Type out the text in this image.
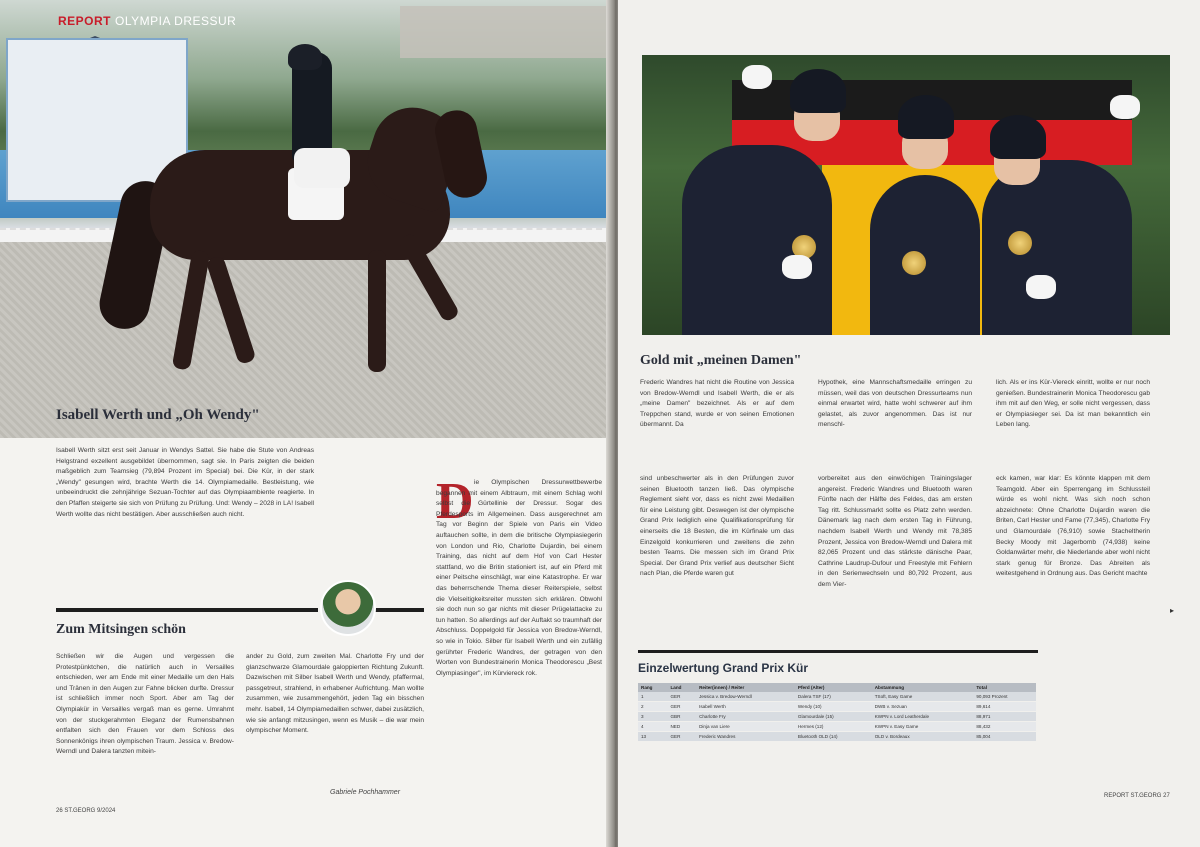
REPORT OLYMPIA DRESSUR
Isabell Werth und „Oh Wendy"

Isabell Werth sitzt erst seit Januar in Wendys Sattel. Sie habe die Stute von Andreas Helgstrand exzellent ausgebildet übernommen, sagt sie. In Paris zeigten die beiden maßgeblich zum Teamsieg (79,894 Prozent im Special) bei. Die Kür, in der stark „Wendy" gesungen wird, brachte Werth die 14. Olympiamedaille. Bestleistung, wie unbeeindruckt die zehnjährige Sezuan-Tochter auf das Olympiaambiente reagierte. In den Pfaffen steigerte sie sich von Prüfung zu Prüfung. Und: Wendy – 2028 in LA! Isabell Werth wollte das nicht bestätigen. Aber ausschließen auch nicht.

Zum Mitsingen schön

Schließen wir die Augen und vergessen die Protestpünktchen, die natürlich auch in Versailles entschieden, wer am Ende mit einer Medaille um den Hals und Tränen in den Augen zur Fahne blicken durfte. Dressur ist schließlich immer noch Sport. Aber am Tag der Olympiakür in Versailles vergaß man es gerne. Umrahmt von der stuckgerahmten Eleganz der Rumensbahnen entfalten sich den Frauen vor dem Schloss des Sonnenkönigs ihren olympischen Traum. Jessica v. Bredow-Werndl und Dalera tanzten mitein-

ander zu Gold, zum zweiten Mal. Charlotte Fry und der glanzschwarze Glamourdale galoppierten Richtung Zukunft. Dazwischen mit Silber Isabell Werth und Wendy, pfaffermal, passgetreut, strahlend, in erhabener Aufrichtung. Man wollte zusammen, wie zusammengehört, jeden Tag ein bisschen mehr. Isabell, 14 Olympiamedaillen schwer, dabei zusätzlich, wie sie anfangt mitzusingen, wenn es Musik – die war mein olympischer Moment.

Gabriele Pochhammer
D ie Olympischen Dressurwettbewerbe begannen mit einem Albtraum, mit einem Schlag wohl selbst die Gürtellinie der Dressur. Sogar des Pferdesports im Allgemeinen. Dass ausgerechnet am Tag vor Beginn der Spiele von Paris ein Video auftauchen sollte, in dem die britische Olympiasiegerin von London und Rio, Charlotte Dujardin, bei einem Training, das nicht auf dem Hof von Carl Hester stattfand, wo die Britin stationiert ist, auf ein Pferd mit einer Peitsche einschlägt, war eine Katastrophe. Er war das beherrschende Thema dieser Reiterspiele, selbst die Vielseitigkeitsreiter mussten sich erklären. Obwohl sie doch nun so gar nichts mit dieser Prügelattacke zu tun hatten. So allerdings auf der Auftakt so traumhaft der Abschluss. Doppelgold für Jessica von Bredow-Werndl, so wie in Tokio. Silber für Isabell Werth und ein zufällig gerührter Frederic Wandres, der getragen von den Worten von Bundestrainerin Monica Theodorescu „Best Olympiasinger", im Kürviereck rok.

26 ST.GEORG 9/2024
Gold mit „meinen Damen"

Frederic Wandres hat nicht die Routine von Jessica von Bredow-Werndl und Isabell Werth, die er als „meine Damen" bezeichnet. Als er auf dem Treppchen stand, wurde er von seinen Emotionen übermannt. Da

Hypothek, eine Mannschaftsmedaille erringen zu müssen, weil das von deutschen Dressurteams nun einmal erwartet wird, hatte wohl schwerer auf ihm gelastet, als zuvor angenommen. Das ist nur menschl-

lich. Als er ins Kür-Viereck einritt, wollte er nur noch genießen. Bundestrainerin Monica Theodorescu gab ihm mit auf den Weg, er solle nicht vergessen, dass er Olympiasieger sei. Da ist man bekanntlich ein Leben lang.

sind unbeschwerter als in den Prüfungen zuvor seinen Bluetooth tanzen ließ. Das olympische Reglement sieht vor, dass es nicht zwei Medaillen für eine Leistung gibt. Deswegen ist der olympische Grand Prix lediglich eine Qualifikationsprüfung für einerseits die 18 Besten, die im Kürfinale um das Einzelgold konkurrieren und zweitens die zehn besten Teams. Die messen sich im Grand Prix Special. Der Grand Prix verlief aus deutscher Sicht nach Plan, die Pferde waren gut

vorbereitet aus den einwöchigen Trainingslager angereist. Frederic Wandres und Bluetooth waren Fünfte nach der Hälfte des Feldes, das am ersten Tag ritt. Schlussmarkt sollte es Platz zehn werden. Dänemark lag nach dem ersten Tag in Führung, nachdem Isabell Werth und Wendy mit 78,385 Prozent, Jessica von Bredow-Werndl und Dalera mit 82,065 Prozent und das stärkste dänische Paar, Cathrine Laudrup-Dufour und Freestyle mit Fehlern in den Serienwechseln und 80,792 Prozent, aus dem Vier-

eck kamen, war klar: Es könnte klappen mit dem Teamgold. Aber ein Sperrengang im Schlussteil würde es wohl nicht. Was sich noch schon abzeichnete: Ohne Charlotte Dujardin waren die Briten, Carl Hester und Fame (77,345), Charlotte Fry und Glamourdale (76,910) sowie Stacheltherin Becky Moody mit Jagerbomb (74,938) keine Goldanwärter mehr, die Niederlande aber wohl nicht stark genug für Bronze. Das Abreiten als weitestgehend in Ordnung aus. Das Gericht machte

▸
Einzelwertung Grand Prix Kür
Rang	Land	Reiter(innen) / Reiter	Pferd (Alter)	Abstammung	Total
1	GER	Jessica v. Bredow-Werndl	Dalera TSF (17)	TSoft, Easy Game	90,093 Prozent
2	GER	Isabell Werth	Wendy (10)	DWB v. Sezuan	89,614
3	GBR	Charlotte Fry	Glamourdale (15)	KWPN v. Lord Leatherdale	88,971
4	NED	Dinja van Liere	Hermes (12)	KWPN v. Easy Game	88,432
13	GER	Frederic Wandres	Bluetooth OLD (14)	OLD v. Bordeaux	85,004
REPORT ST.GEORG 27
